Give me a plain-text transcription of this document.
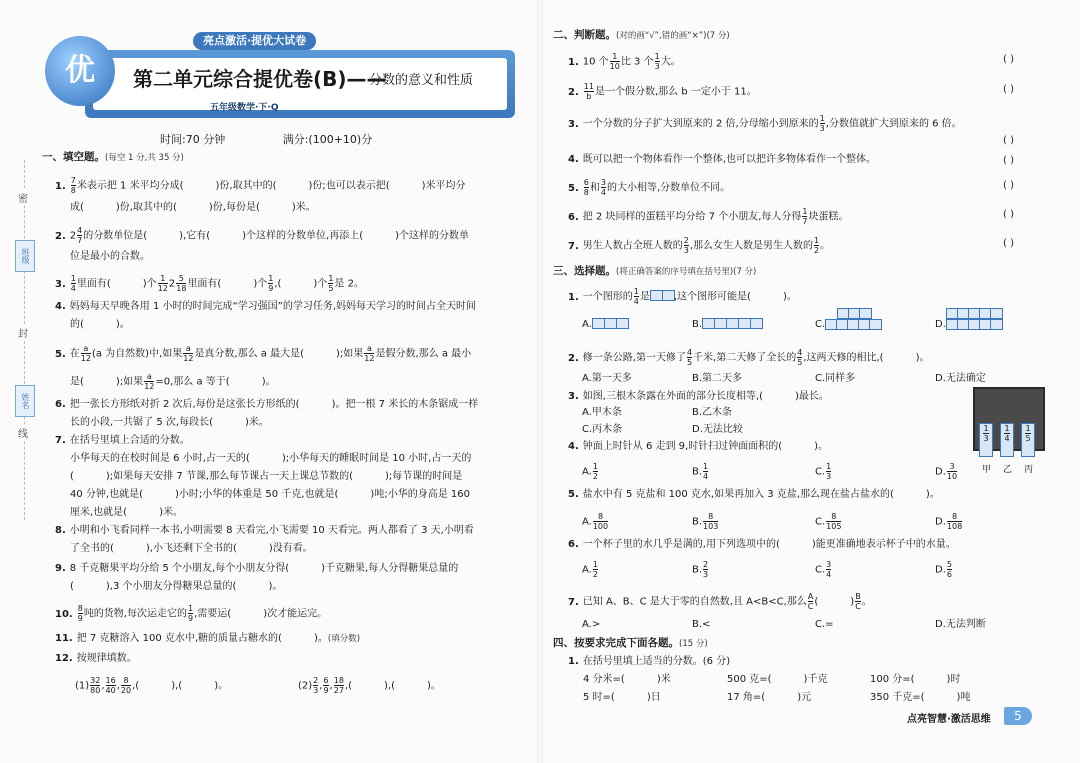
密
班级
封
姓名
线
亮点激活·提优大试卷
优	第二单元综合提优卷(B)——
分数的意义和性质
五年级数学·下·Q
时间:70 分钟	满分:(100+10)分
一、填空题。(每空 1 分,共 35 分)
1. $\frac{7}{8}$ 米表示把 1 米平均分成(	)份,取其中的(	)份;也可以表示把(	)米平均分
成(	)份,取其中的(	)份,每份是(	)米。
2. $2 \frac{4}{7}$ 的分数单位是(	),它有(	)个这样的分数单位,再添上(	)个这样的分数单
位是最小的合数。
3. $\frac{1}{4}$ 里面有(	)个 $\frac{1}{12} 2 \frac{5}{18}$ 里面有(	)个 $\frac{1}{9}$ ,(	)个 $\frac{1}{5}$ 是 2。
4. 妈妈每天早晚各用 1 小时的时间完成“学习强国”的学习任务,妈妈每天学习的时间占全天时间
的(	)。
5. 在 $\frac{a}{12} (a$ 为自然数)中,如果 $\frac{a}{12}$ 是真分数,那么 a 最大是(	);如果 $\frac{a}{12}$ 是假分数,那么 a 最小
是(	);如果 $\frac{a}{12} =0$,那么 a 等于(	)。
6. 把一张长方形纸对折 2 次后,每份是这张长方形纸的(	)。把一根 7 米长的木条锯成一样
长的小段,一共锯了 5 次,每段长(	)米。
7. 在括号里填上合适的分数。
小华每天的在校时间是 6 小时,占一天的(	);小华每天的睡眠时间是 10 小时,占一天的
(	);如果每天安排 7 节课,那么每节课占一天上课总节数的(	);每节课的时间是
40 分钟,也就是(	)小时;小华的体重是 50 千克,也就是(	)吨;小华的身高是 160
厘米,也就是(	)米。
8. 小明和小飞看同样一本书,小明需要 8 天看完,小飞需要 10 天看完。两人都看了 3 天,小明看
了全书的(	),小飞还剩下全书的(	)没有看。
9. 8 千克糖果平均分给 5 个小朋友,每个小朋友分得(	)千克糖果,每人分得糖果总量的
(	),3 个小朋友分得糖果总量的(	)。
10. $\frac{8}{9}$ 吨的货物,每次运走它的 $\frac{1}{9}$ ,需要运(	)次才能运完。
11. 把 7 克糖溶入 100 克水中,糖的质量占糖水的(	)。(填分数)
12. 按规律填数。
$(1) \frac{32}{80}$ , $\frac{16}{40}$ , $\frac{8}{20}$ ,(	),(	)。	$(2) \frac{2}{3}$ , $\frac{6}{9}$ , $\frac{18}{27}$ ,(	),(	)。
二、判断题。(对的画“√”,错的画“×”)(7 分)
1. 10 个 $\frac{1}{10}$ 比 3 个 $\frac{1}{3}$ 大。	( )
2. $\frac{11}{b}$ 是一个假分数,那么 b 一定小于 11。	( )
3. 一个分数的分子扩大到原来的 2 倍,分母缩小到原来的 $\frac{1}{3}$ ,分数值就扩大到原来的 6 倍。
( )
4. 既可以把一个物体看作一个整体,也可以把许多物体看作一个整体。	( )
5. $\frac{6}{8}$ 和 $\frac{3}{4}$ 的大小相等,分数单位不同。	( )
6. 把 2 块同样的蛋糕平均分给 7 个小朋友,每人分得 $\frac{1}{7}$ 块蛋糕。	( )
7. 男生人数占全班人数的 $\frac{2}{3}$ ,那么女生人数是男生人数的 $\frac{1}{2}$ 。	( )
三、选择题。(将正确答案的序号填在括号里)(7 分)
1. 一个图形的 $\frac{1}{4}$ 是 ,这个图形可能是(	)。
A.	B.	C.	D.
2. 修一条公路,第一天修了 $\frac{4}{5}$ 千米,第二天修了全长的 $\frac{4}{5}$ ,这两天修的相比,(	)。
A.第一天多	B.第二天多	C.同样多	D.无法确定
3. 如图,三根木条露在外面的部分长度相等,(	)最长。
A.甲木条	B.乙木条
C.丙木条	D.无法比较	$\frac{1}{3} \frac{1}{4} \frac{1}{5}$
甲 乙 丙
4. 钟面上时针从 6 走到 9,时针扫过钟面面积的(	)。
A. $\frac{1}{2}$	B. $\frac{1}{4}$	C. $\frac{1}{3}$	D. $\frac{3}{10}$
5. 盐水中有 5 克盐和 100 克水,如果再加入 3 克盐,那么现在盐占盐水的(	)。
A. $\frac{8}{100}$	B. $\frac{8}{103}$	C. $\frac{8}{105}$	D. $\frac{8}{108}$
6. 一个杯子里的水几乎是满的,用下列选项中的(	)能更准确地表示杯子中的水量。
A. $\frac{1}{2}$	B. $\frac{2}{3}$	C. $\frac{3}{4}$	D. $\frac{5}{6}$
7. 已知 A、B、C 是大于零的自然数,且 A<B<C,那么 $\frac{A}{C}$ (	) $\frac{B}{C}$ 。
A.>	B.<	C.=	D.无法判断
四、按要求完成下面各题。(15 分)
1. 在括号里填上适当的分数。(6 分)
4 分米=(	)米	500 克=(	)千克	100 分=(	)时
5 时=(	)日	17 角=(	)元	350 千克=(	)吨
点亮智慧·激活思维	5
